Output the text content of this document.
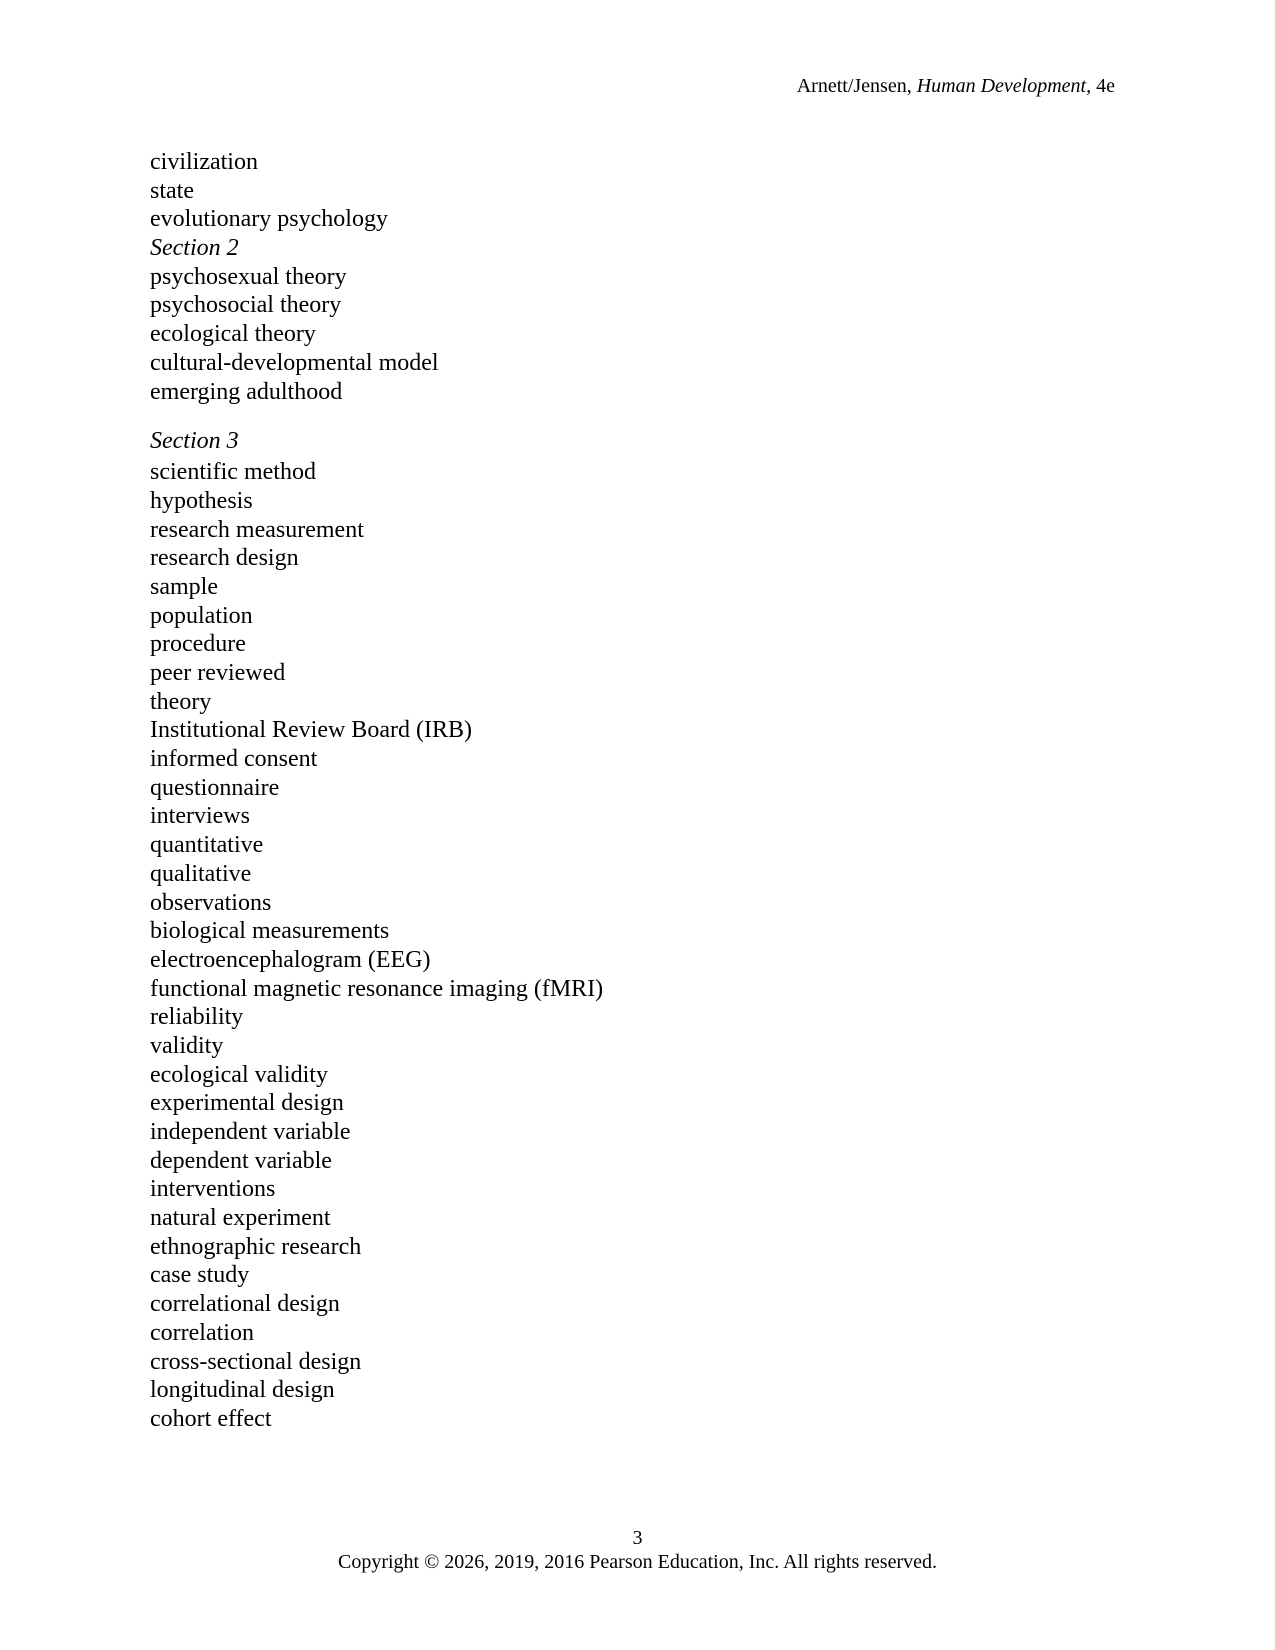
Arnett/Jensen, Human Development, 4e
civilization
state
evolutionary psychology
Section 2
psychosexual theory
psychosocial theory
ecological theory
cultural-developmental model
emerging adulthood
Section 3
scientific method
hypothesis
research measurement
research design
sample
population
procedure
peer reviewed
theory
Institutional Review Board (IRB)
informed consent
questionnaire
interviews
quantitative
qualitative
observations
biological measurements
electroencephalogram (EEG)
functional magnetic resonance imaging (fMRI)
reliability
validity
ecological validity
experimental design
independent variable
dependent variable
interventions
natural experiment
ethnographic research
case study
correlational design
correlation
cross-sectional design
longitudinal design
cohort effect
3
Copyright © 2026, 2019, 2016 Pearson Education, Inc. All rights reserved.
